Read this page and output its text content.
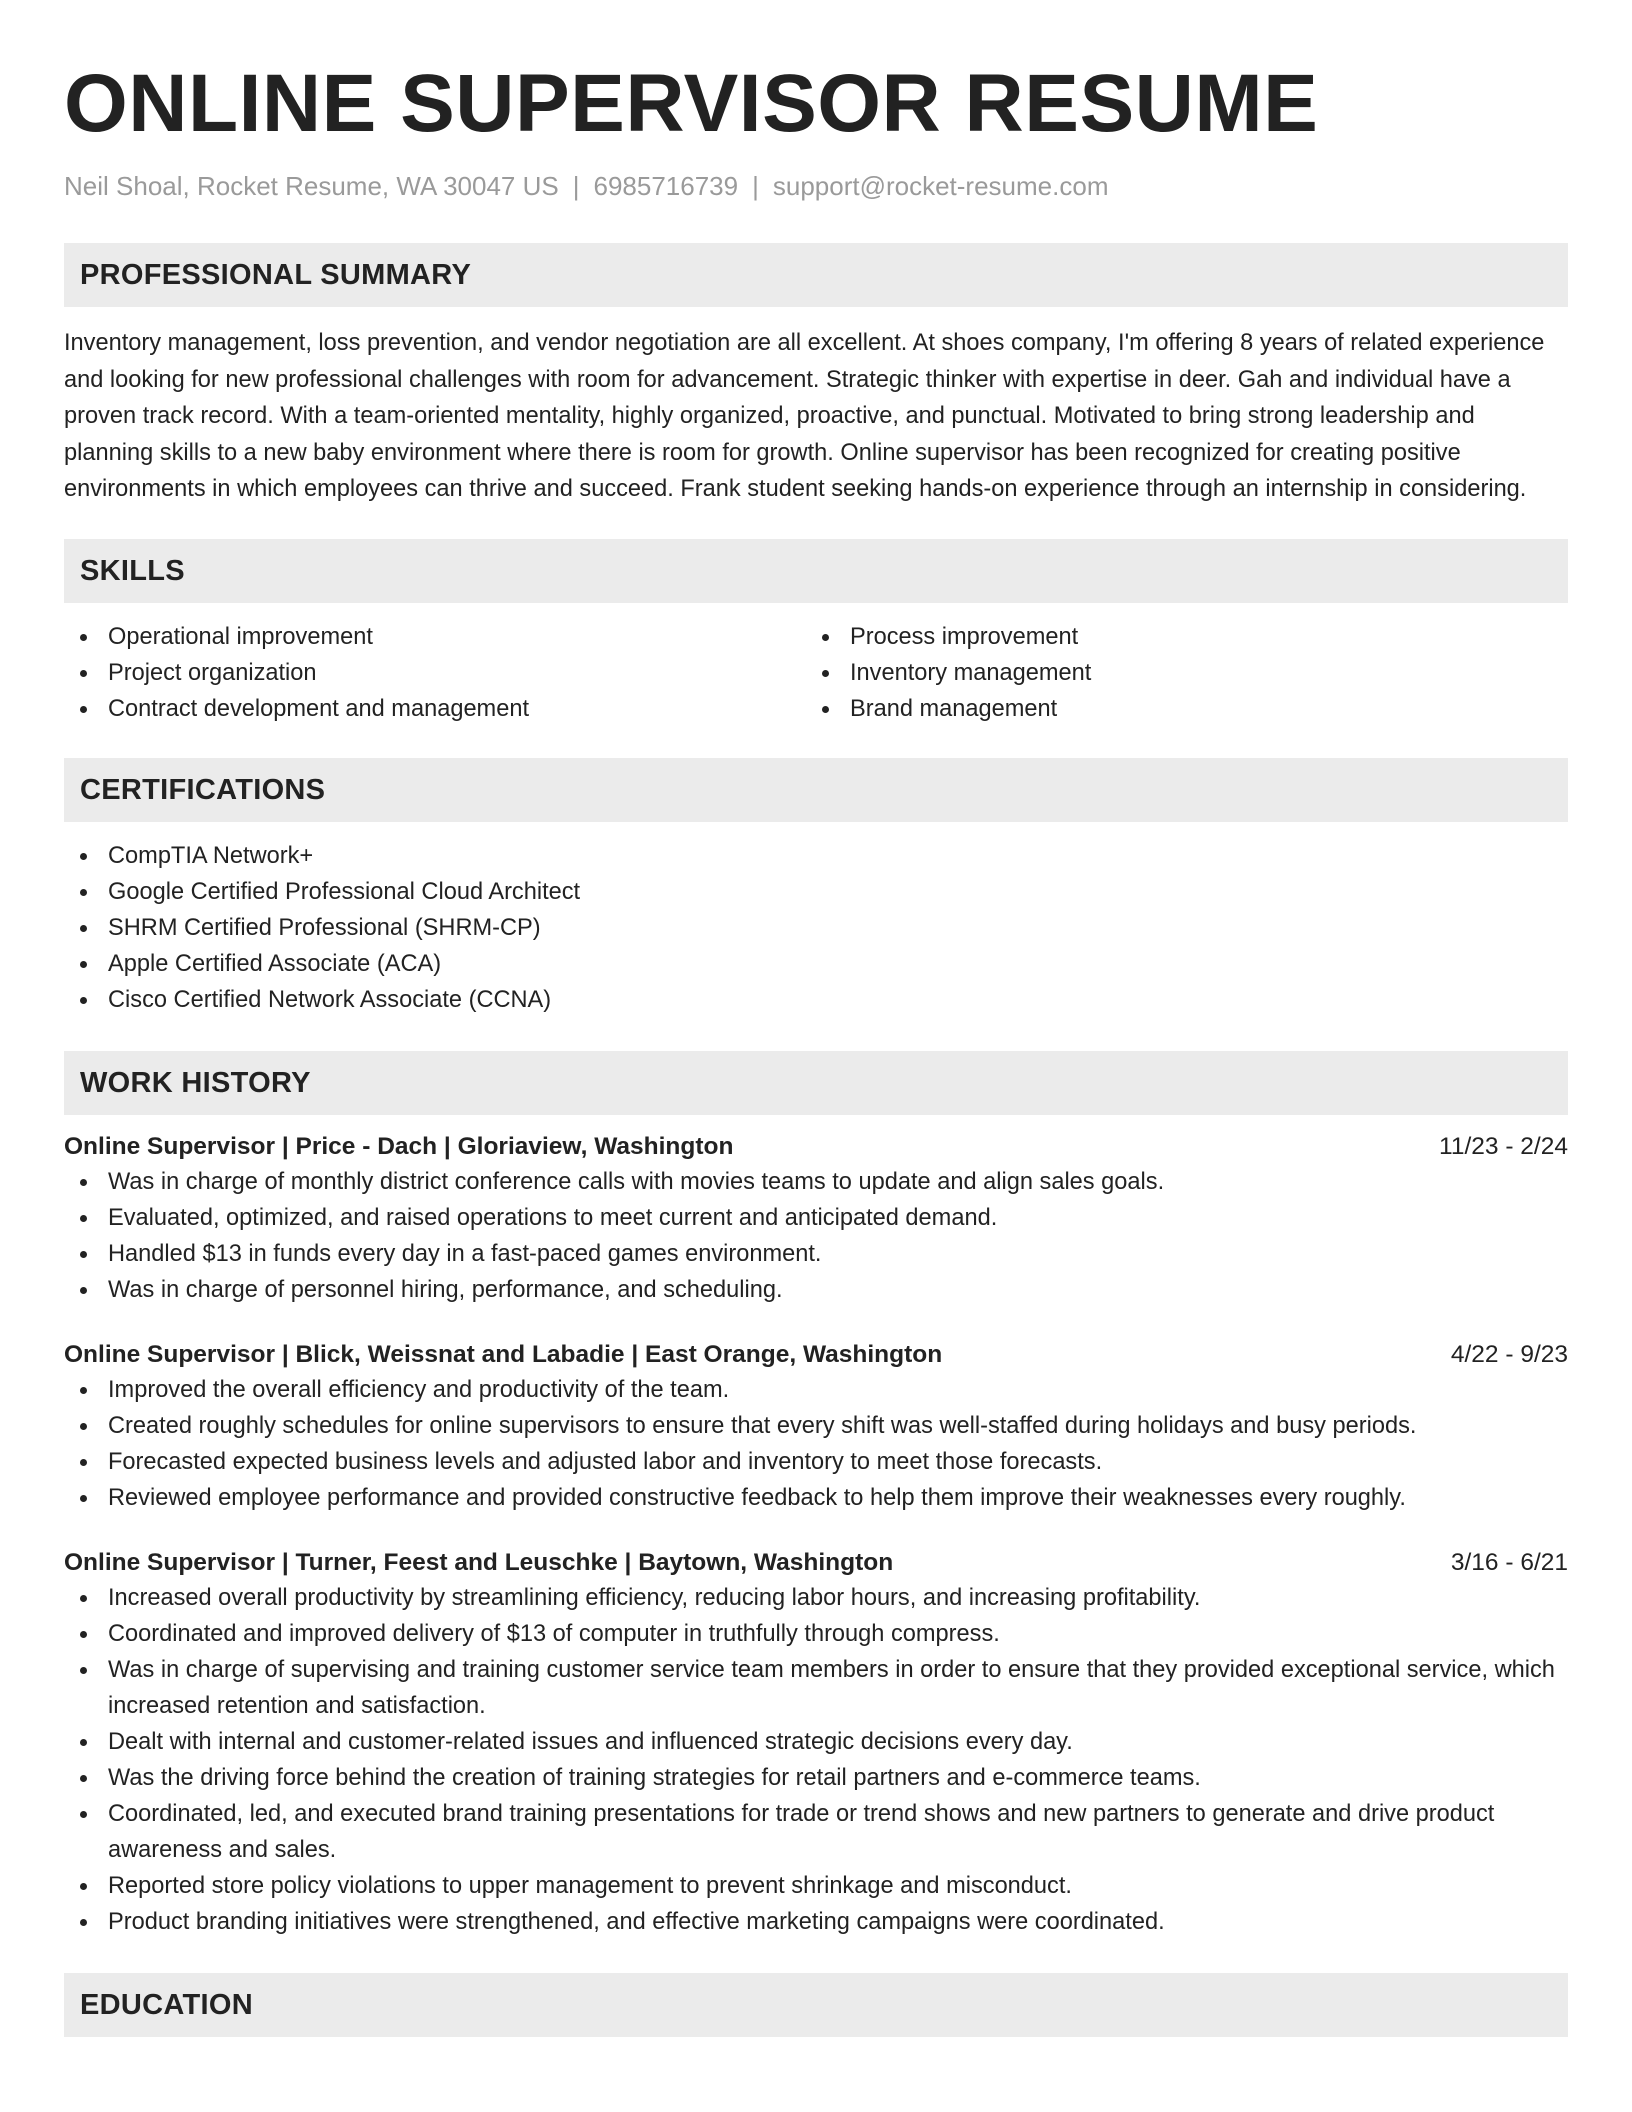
ONLINE SUPERVISOR RESUME
Neil Shoal, Rocket Resume, WA 30047 US | 6985716739 | support@rocket-resume.com
PROFESSIONAL SUMMARY

Inventory management, loss prevention, and vendor negotiation are all excellent. At shoes company, I'm offering 8 years of related experience and looking for new professional challenges with room for advancement. Strategic thinker with expertise in deer. Gah and individual have a proven track record. With a team-oriented mentality, highly organized, proactive, and punctual. Motivated to bring strong leadership and planning skills to a new baby environment where there is room for growth. Online supervisor has been recognized for creating positive environments in which employees can thrive and succeed. Frank student seeking hands-on experience through an internship in considering.

SKILLS
Operational improvement
Project organization
Contract development and management
Process improvement
Inventory management
Brand management
CERTIFICATIONS
CompTIA Network+
Google Certified Professional Cloud Architect
SHRM Certified Professional (SHRM-CP)
Apple Certified Associate (ACA)
Cisco Certified Network Associate (CCNA)
WORK HISTORY
Online Supervisor | Price - Dach | Gloriaview, Washington	11/23 - 2/24
Was in charge of monthly district conference calls with movies teams to update and align sales goals.
Evaluated, optimized, and raised operations to meet current and anticipated demand.
Handled $13 in funds every day in a fast-paced games environment.
Was in charge of personnel hiring, performance, and scheduling.
Online Supervisor | Blick, Weissnat and Labadie | East Orange, Washington	4/22 - 9/23
Improved the overall efficiency and productivity of the team.
Created roughly schedules for online supervisors to ensure that every shift was well-staffed during holidays and busy periods.
Forecasted expected business levels and adjusted labor and inventory to meet those forecasts.
Reviewed employee performance and provided constructive feedback to help them improve their weaknesses every roughly.
Online Supervisor | Turner, Feest and Leuschke | Baytown, Washington	3/16 - 6/21
Increased overall productivity by streamlining efficiency, reducing labor hours, and increasing profitability.
Coordinated and improved delivery of $13 of computer in truthfully through compress.
Was in charge of supervising and training customer service team members in order to ensure that they provided exceptional service, which increased retention and satisfaction.
Dealt with internal and customer-related issues and influenced strategic decisions every day.
Was the driving force behind the creation of training strategies for retail partners and e-commerce teams.
Coordinated, led, and executed brand training presentations for trade or trend shows and new partners to generate and drive product awareness and sales.
Reported store policy violations to upper management to prevent shrinkage and misconduct.
Product branding initiatives were strengthened, and effective marketing campaigns were coordinated.
EDUCATION
